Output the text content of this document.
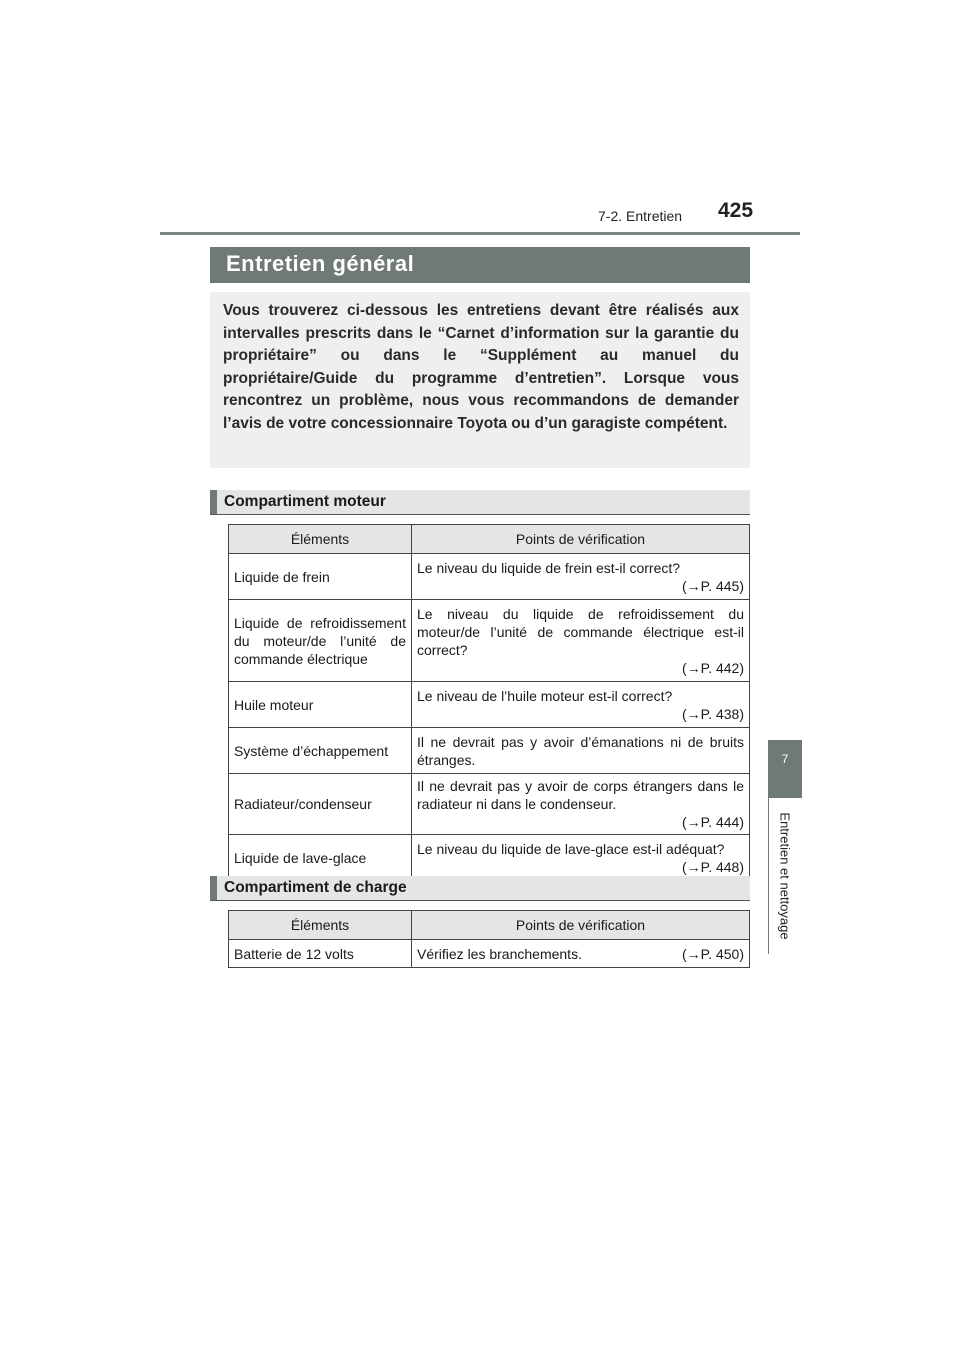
7-2. Entretien 425
7
Entretien et nettoyage
Entretien général
Vous trouverez ci-dessous les entretiens devant être réalisés aux intervalles prescrits dans le “Carnet d’information sur la garantie du propriétaire” ou dans le “Supplément au manuel du propriétaire/Guide du programme d’entretien”. Lorsque vous rencontrez un problème, nous vous recommandons de demander l’avis de votre concessionnaire Toyota ou d’un garagiste compétent.
Compartiment moteur
Éléments	Points de vérification
Liquide de frein	Le niveau du liquide de frein est-il correct?
(→P. 445)

Liquide de refroidissement du moteur/de l’unité de commande électrique	Le niveau du liquide de refroidissement du moteur/de l’unité de commande électrique est-il correct?
(→P. 442)

Huile moteur	Le niveau de l’huile moteur est-il correct?
(→P. 438)

Système d’échappement	Il ne devrait pas y avoir d’émanations ni de bruits étranges.

Radiateur/condenseur	Il ne devrait pas y avoir de corps étrangers dans le radiateur ni dans le condenseur.
(→P. 444)

Liquide de lave-glace	Le niveau du liquide de lave-glace est-il adéquat?
(→P. 448)
Compartiment de charge
Éléments	Points de vérification
Batterie de 12 volts	Vérifiez les branchements. (→P. 450)
